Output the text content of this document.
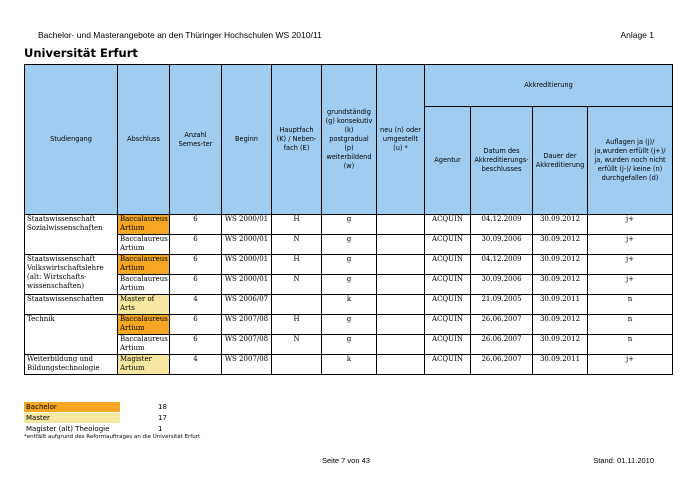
Bachelor- und Masterangebote an den Thüringer Hochschulen WS 2010/11	Anlage 1
Universität Erfurt
Studiengang	Abschluss	Anzahl Semes-ter	Beginn	Hauptfach (K) / Neben-fach (E)	grundständig (g) konsekutiv (k) postgradual (p) weiterbildend (w)	neu (n) oder umgestellt (u) *	Akkreditierung			
							Agentur	Datum des Akkreditierungs-beschlusses	Dauer der Akkreditierung	Auflagen ja (j)/ ja,wurden erfüllt (j+)/ ja, wurden noch nicht erfüllt (j-)/ keine (n) durchgefallen (d)
Staatswissenschaft Sozialwissenschaften	Baccalaureus Artium	6	WS 2000/01	H	g		ACQUIN	04.12.2009	30.09.2012	j+
	Baccalaureus Artium	6	WS 2000/01	N	g		ACQUIN	30.09.2006	30.09.2012	j+
Staatswissenschaft Volkswirtschaftslehre (alt: Wirtschafts-wissenschaften)	Baccalaureus Artium	6	WS 2000/01	H	g		ACQUIN	04.12.2009	30.09.2012	j+
	Baccalaureus Artium	6	WS 2000/01	N	g		ACQUIN	30.09.2006	30.09.2012	j+
Staatswissenschaften	Master of Arts	4	WS 2006/07		k		ACQUIN	21.09.2005	30.09.2011	n
Technik	Baccalaureus Artium	6	WS 2007/08	H	g		ACQUIN	26.06.2007	30.09.2012	n
	Baccalaureus Artium	6	WS 2007/08	N	g		ACQUIN	26.06.2007	30.09.2012	n
Weiterbildung und Bildungstechnologie	Magister Artium	4	WS 2007/08		k		ACQUIN	26.06.2007	30.09.2011	j+
Bachelor	18
Master	17
Magister (alt) Theologie	1
*entfällt aufgrund des Reformauftrages an die Universität Erfurt
Seite 7 von 43	Stand: 01.11.2010
